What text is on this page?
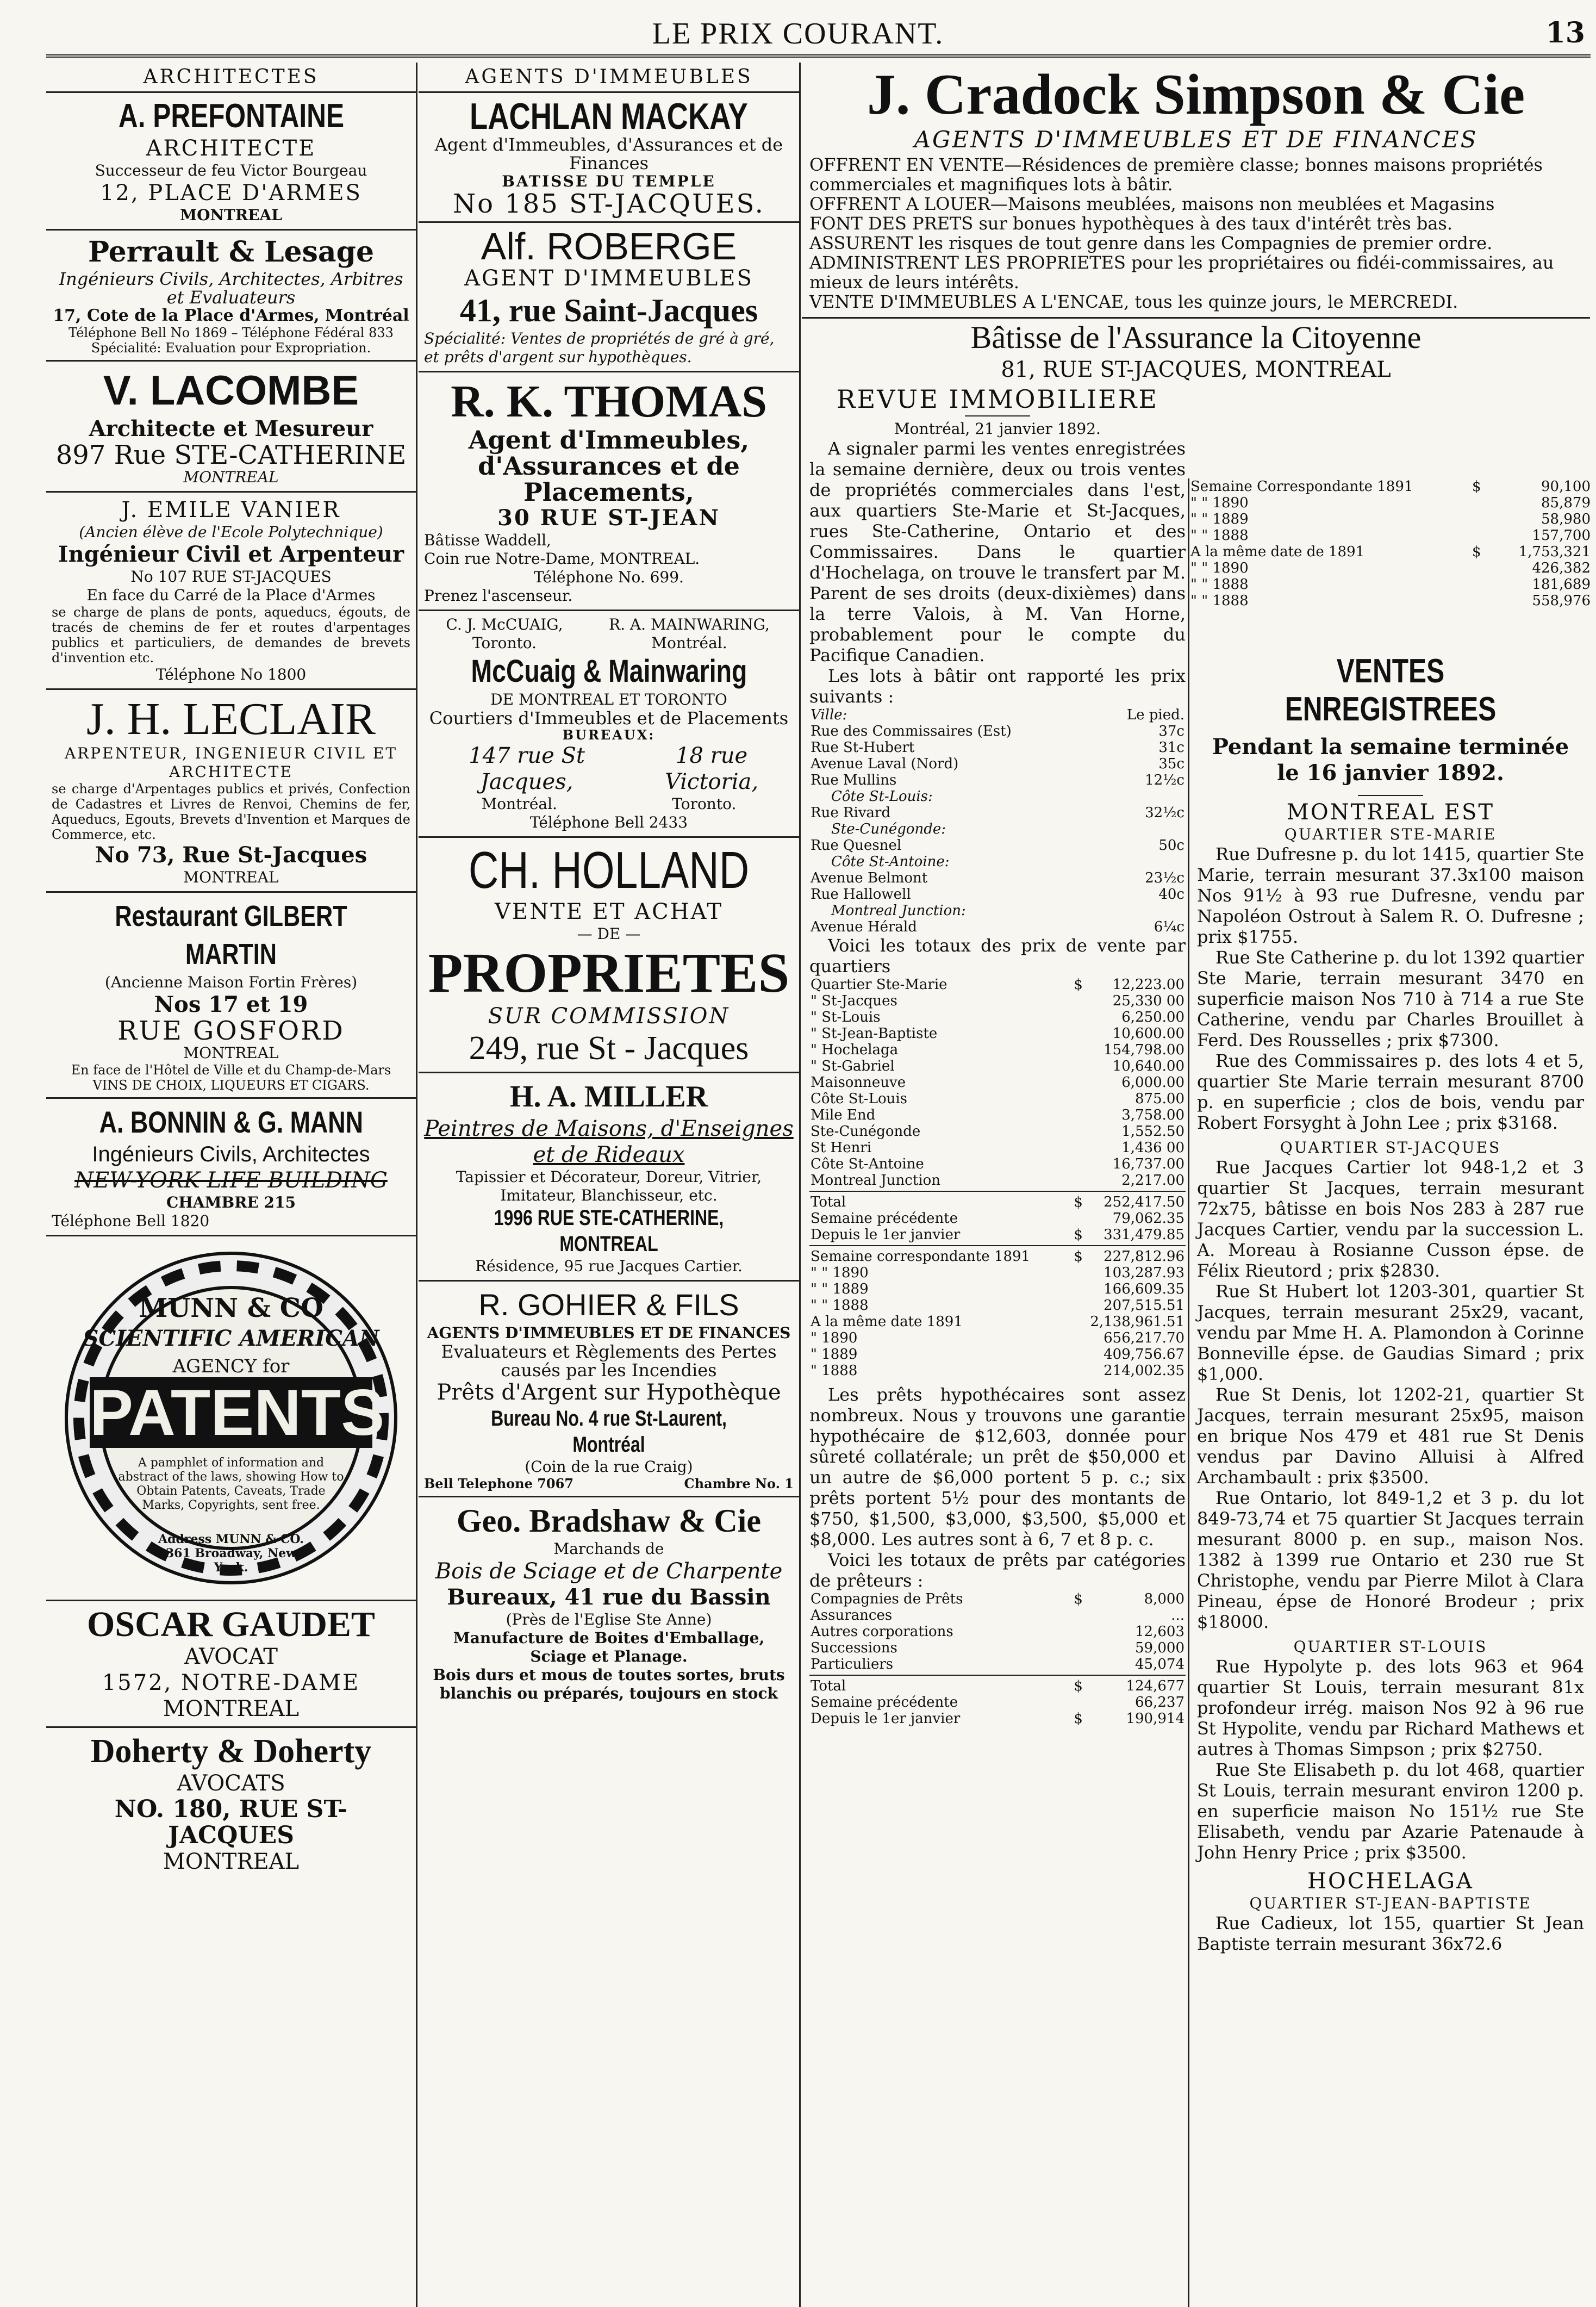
LE PRIX COURANT.	13
ARCHITECTES
A. PREFONTAINE
ARCHITECTE
Successeur de feu Victor Bourgeau
12, PLACE D'ARMES
MONTREAL
Perrault & Lesage
Ingénieurs Civils, Architectes, Arbitres et Evaluateurs
17, Cote de la Place d'Armes, Montréal
Téléphone Bell No 1869 – Téléphone Fédéral 833
Spécialité: Evaluation pour Expropriation.
V. LACOMBE
Architecte et Mesureur
897 Rue STE-CATHERINE
MONTREAL
J. EMILE VANIER
(Ancien élève de l'Ecole Polytechnique)
Ingénieur Civil et Arpenteur
No 107 RUE ST-JACQUES
En face du Carré de la Place d'Armes
se charge de plans de ponts, aqueducs, égouts, de tracés de chemins de fer et routes d'arpentages publics et particuliers, de demandes de brevets d'invention etc.
Téléphone No 1800
J. H. LECLAIR
ARPENTEUR, INGENIEUR CIVIL ET ARCHITECTE
se charge d'Arpentages publics et privés, Confection de Cadastres et Livres de Renvoi, Chemins de fer, Aqueducs, Egouts, Brevets d'Invention et Marques de Commerce, etc.
No 73, Rue St-Jacques
MONTREAL
Restaurant GILBERT MARTIN
(Ancienne Maison Fortin Frères)
Nos 17 et 19
RUE GOSFORD
MONTREAL
En face de l'Hôtel de Ville et du Champ-de-Mars
VINS DE CHOIX, LIQUEURS ET CIGARS.
A. BONNIN & G. MANN
Ingénieurs Civils, Architectes
NEW-YORK LIFE BUILDING
CHAMBRE 215
Téléphone Bell 1820
MUNN & CO
SCIENTIFIC AMERICAN
AGENCY for
PATENTS
A pamphlet of information and abstract of the laws, showing How to Obtain Patents, Caveats, Trade Marks, Copyrights, sent free.
Address MUNN & CO. 361 Broadway, New York.
OSCAR GAUDET
AVOCAT
1572, NOTRE-DAME
MONTREAL
Doherty & Doherty
AVOCATS
NO. 180, RUE ST-JACQUES
MONTREAL
AGENTS D'IMMEUBLES
LACHLAN MACKAY
Agent d'Immeubles, d'Assurances et de Finances
BATISSE DU TEMPLE
No 185 ST-JACQUES.
Alf. ROBERGE
AGENT D'IMMEUBLES
41, rue Saint-Jacques
Spécialité: Ventes de propriétés de gré à gré, et prêts d'argent sur hypothèques.
R. K. THOMAS
Agent d'Immeubles,
d'Assurances et de Placements,
30 RUE ST-JEAN
Bâtisse Waddell,
Coin rue Notre-Dame, MONTREAL.
Téléphone No. 699.
Prenez l'ascenseur.
C. J. McCUAIG, Toronto.
R. A. MAINWARING, Montréal.
McCuaig & Mainwaring
DE MONTREAL ET TORONTO
Courtiers d'Immeubles et de Placements
BUREAUX:
147 rue St Jacques,
18 rue Victoria,
Montréal.	Toronto.
Téléphone Bell 2433
CH. HOLLAND
VENTE ET ACHAT
— DE —
PROPRIETES
SUR COMMISSION
249, rue St - Jacques
H. A. MILLER
Peintres de Maisons, d'Enseignes et de Rideaux
Tapissier et Décorateur, Doreur, Vitrier, Imitateur, Blanchisseur, etc.
1996 RUE STE-CATHERINE, MONTREAL
Résidence, 95 rue Jacques Cartier.
R. GOHIER & FILS
AGENTS D'IMMEUBLES ET DE FINANCES
Evaluateurs et Règlements des Pertes causés par les Incendies
Prêts d'Argent sur Hypothèque
Bureau No. 4 rue St-Laurent, Montréal
(Coin de la rue Craig)
Bell Telephone 7067	Chambre No. 1
Geo. Bradshaw & Cie
Marchands de
Bois de Sciage et de Charpente
Bureaux, 41 rue du Bassin
(Près de l'Eglise Ste Anne)
Manufacture de Boites d'Emballage, Sciage et Planage.
Bois durs et mous de toutes sortes, bruts blanchis ou préparés, toujours en stock
J. Cradock Simpson & Cie
AGENTS D'IMMEUBLES ET DE FINANCES
OFFRENT EN VENTE—Résidences de première classe; bonnes maisons propriétés commerciales et magnifiques lots à bâtir.
OFFRENT A LOUER—Maisons meublées, maisons non meublées et Magasins
FONT DES PRETS sur bonues hypothèques à des taux d'intérêt très bas.
ASSURENT les risques de tout genre dans les Compagnies de premier ordre.
ADMINISTRENT LES PROPRIETES pour les propriétaires ou fidéi-commissaires, au mieux de leurs intérêts.
VENTE D'IMMEUBLES A L'ENCAE, tous les quinze jours, le MERCREDI.
Bâtisse de l'Assurance la Citoyenne
81, RUE ST-JACQUES, MONTREAL
REVUE IMMOBILIERE
Montréal, 21 janvier 1892.

A signaler parmi les ventes enregistrées la semaine dernière, deux ou trois ventes de propriétés commerciales dans l'est, aux quartiers Ste-Marie et St-Jacques, rues Ste-Catherine, Ontario et des Commissaires. Dans le quartier d'Hochelaga, on trouve le transfert par M. Parent de ses droits (deux-dixièmes) dans la terre Valois, à M. Van Horne, probablement pour le compte du Pacifique Canadien.

Les lots à bâtir ont rapporté les prix suivants :

Ville:	Le pied.
Rue des Commissaires (Est)	37c
Rue St-Hubert	31c
Avenue Laval (Nord)	35c
Rue Mullins	12½c
Côte St-Louis:	
Rue Rivard	32½c
Ste-Cunégonde:	
Rue Quesnel	50c
Côte St-Antoine:	
Avenue Belmont	23½c
Rue Hallowell	40c
Montreal Junction:	
Avenue Hérald	6¼c

Voici les totaux des prix de vente par quartiers

Quartier Ste-Marie	$	12,223.00
" St-Jacques		25,330 00
" St-Louis		6,250.00
" St-Jean-Baptiste		10,600.00
" Hochelaga		154,798.00
" St-Gabriel		10,640.00
Maisonneuve		6,000.00
Côte St-Louis		875.00
Mile End		3,758.00
Ste-Cunégonde		1,552.50
St Henri		1,436 00
Côte St-Antoine		16,737.00
Montreal Junction		2,217.00
Total	$	252,417.50
Semaine précédente		79,062.35
Depuis le 1er janvier	$	331,479.85
Semaine correspondante 1891	$	227,812.96
" " 1890		103,287.93
" " 1889		166,609.35
" " 1888		207,515.51
A la même date 1891		2,138,961.51
" 1890		656,217.70
" 1889		409,756.67
" 1888		214,002.35

Les prêts hypothécaires sont assez nombreux. Nous y trouvons une garantie hypothécaire de $12,603, donnée pour sûreté collatérale; un prêt de $50,000 et un autre de $6,000 portent 5 p. c.; six prêts portent 5½ pour des montants de $750, $1,500, $3,000, $3,500, $5,000 et $8,000. Les autres sont à 6, 7 et 8 p. c.

Voici les totaux de prêts par catégories de prêteurs :

Compagnies de Prêts	$	8,000
Assurances		...
Autres corporations		12,603
Successions		59,000
Particuliers		45,074
Total	$	124,677
Semaine précédente		66,237
Depuis le 1er janvier	$	190,914
Semaine Correspondante 1891	$	90,100
" " 1890		85,879
" " 1889		58,980
" " 1888		157,700
A la même date de 1891	$	1,753,321
" " 1890		426,382
" " 1888		181,689
" " 1888		558,976
VENTES ENREGISTREES
Pendant la semaine terminée le 16 janvier 1892.
MONTREAL EST
QUARTIER STE-MARIE

Rue Dufresne p. du lot 1415, quartier Ste Marie, terrain mesurant 37.3x100 maison Nos 91½ à 93 rue Dufresne, vendu par Napoléon Ostrout à Salem R. O. Dufresne ; prix $1755.

Rue Ste Catherine p. du lot 1392 quartier Ste Marie, terrain mesurant 3470 en superficie maison Nos 710 à 714 a rue Ste Catherine, vendu par Charles Brouillet à Ferd. Des Rousselles ; prix $7300.

Rue des Commissaires p. des lots 4 et 5, quartier Ste Marie terrain mesurant 8700 p. en superficie ; clos de bois, vendu par Robert Forsyght à John Lee ; prix $3168.

QUARTIER ST-JACQUES

Rue Jacques Cartier lot 948-1,2 et 3 quartier St Jacques, terrain mesurant 72x75, bâtisse en bois Nos 283 à 287 rue Jacques Cartier, vendu par la succession L. A. Moreau à Rosianne Cusson épse. de Félix Rieutord ; prix $2830.

Rue St Hubert lot 1203-301, quartier St Jacques, terrain mesurant 25x29, vacant, vendu par Mme H. A. Plamondon à Corinne Bonneville épse. de Gaudias Simard ; prix $1,000.

Rue St Denis, lot 1202-21, quartier St Jacques, terrain mesurant 25x95, maison en brique Nos 479 et 481 rue St Denis vendus par Davino Alluisi à Alfred Archambault : prix $3500.

Rue Ontario, lot 849-1,2 et 3 p. du lot 849-73,74 et 75 quartier St Jacques terrain mesurant 8000 p. en sup., maison Nos. 1382 à 1399 rue Ontario et 230 rue St Christophe, vendu par Pierre Milot à Clara Pineau, épse de Honoré Brodeur ; prix $18000.

QUARTIER ST-LOUIS

Rue Hypolyte p. des lots 963 et 964 quartier St Louis, terrain mesurant 81x profondeur irrég. maison Nos 92 à 96 rue St Hypolite, vendu par Richard Mathews et autres à Thomas Simpson ; prix $2750.

Rue Ste Elisabeth p. du lot 468, quartier St Louis, terrain mesurant environ 1200 p. en superficie maison No 151½ rue Ste Elisabeth, vendu par Azarie Patenaude à John Henry Price ; prix $3500.

HOCHELAGA
QUARTIER ST-JEAN-BAPTISTE

Rue Cadieux, lot 155, quartier St Jean Baptiste terrain mesurant 36x72.6
